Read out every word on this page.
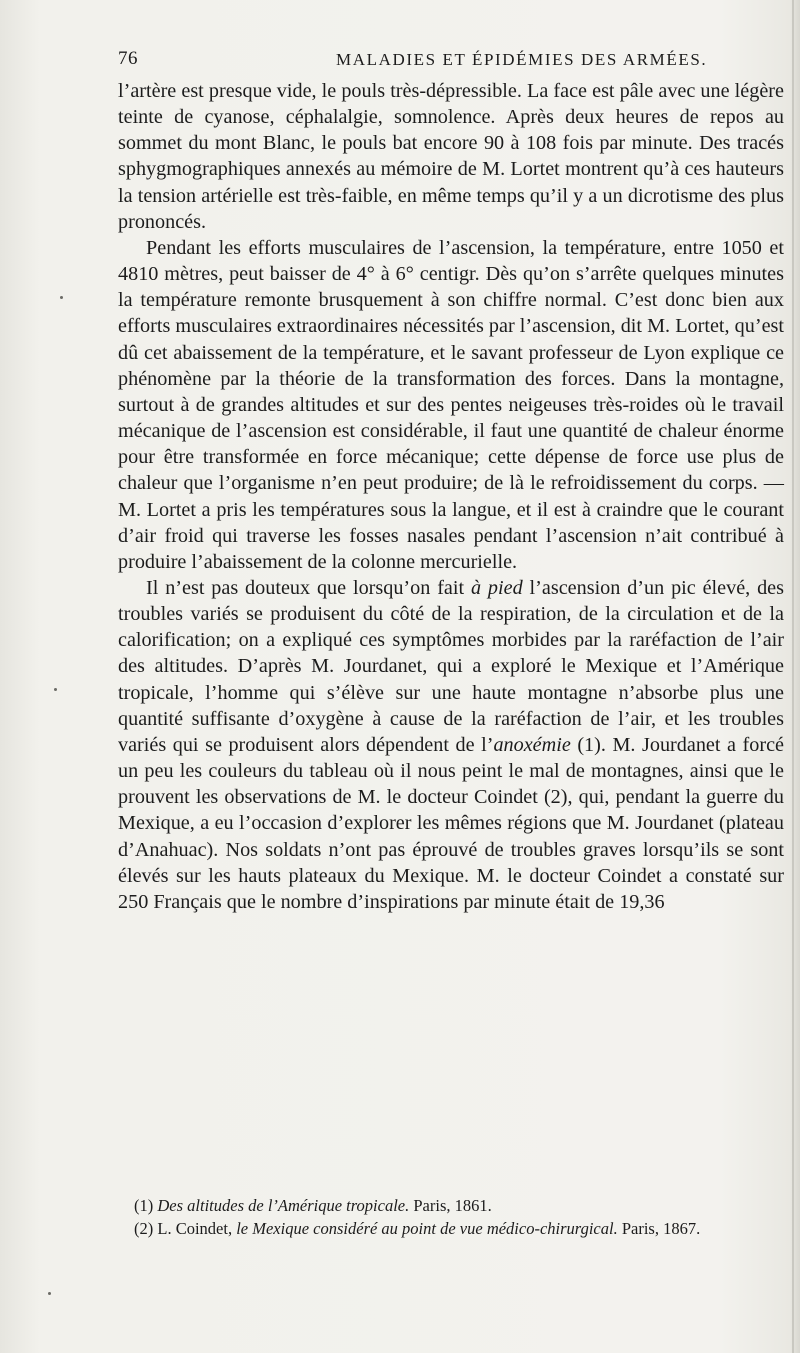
76	MALADIES ET ÉPIDÉMIES DES ARMÉES.

l’artère est presque vide, le pouls très-dépressible. La face est pâle avec une légère teinte de cyanose, céphalalgie, somnolence. Après deux heures de repos au sommet du mont Blanc, le pouls bat encore 90 à 108 fois par minute. Des tracés sphygmographiques annexés au mémoire de M. Lortet montrent qu’à ces hauteurs la tension artérielle est très-faible, en même temps qu’il y a un dicrotisme des plus prononcés.

Pendant les efforts musculaires de l’ascension, la température, entre 1050 et 4810 mètres, peut baisser de 4° à 6° centigr. Dès qu’on s’arrête quelques minutes la température remonte brusquement à son chiffre normal. C’est donc bien aux efforts musculaires extraordinaires nécessités par l’ascension, dit M. Lortet, qu’est dû cet abaissement de la température, et le savant professeur de Lyon explique ce phénomène par la théorie de la transformation des forces. Dans la montagne, surtout à de grandes altitudes et sur des pentes neigeuses très-roides où le travail mécanique de l’ascension est considérable, il faut une quantité de chaleur énorme pour être transformée en force mécanique; cette dépense de force use plus de chaleur que l’organisme n’en peut produire; de là le refroidissement du corps. — M. Lortet a pris les températures sous la langue, et il est à craindre que le courant d’air froid qui traverse les fosses nasales pendant l’ascension n’ait contribué à produire l’abaissement de la colonne mercurielle.

Il n’est pas douteux que lorsqu’on fait à pied l’ascension d’un pic élevé, des troubles variés se produisent du côté de la respiration, de la circulation et de la calorification; on a expliqué ces symptômes morbides par la raréfaction de l’air des altitudes. D’après M. Jourdanet, qui a exploré le Mexique et l’Amérique tropicale, l’homme qui s’élève sur une haute montagne n’absorbe plus une quantité suffisante d’oxygène à cause de la raréfaction de l’air, et les troubles variés qui se produisent alors dépendent de l’anoxémie (1). M. Jourdanet a forcé un peu les couleurs du tableau où il nous peint le mal de montagnes, ainsi que le prouvent les observations de M. le docteur Coindet (2), qui, pendant la guerre du Mexique, a eu l’occasion d’explorer les mêmes régions que M. Jourdanet (plateau d’Anahuac). Nos soldats n’ont pas éprouvé de troubles graves lorsqu’ils se sont élevés sur les hauts plateaux du Mexique. M. le docteur Coindet a constaté sur 250 Français que le nombre d’inspirations par minute était de 19,36

(1) Des altitudes de l’Amérique tropicale. Paris, 1861.

(2) L. Coindet, le Mexique considéré au point de vue médico-chirurgical. Paris, 1867.
